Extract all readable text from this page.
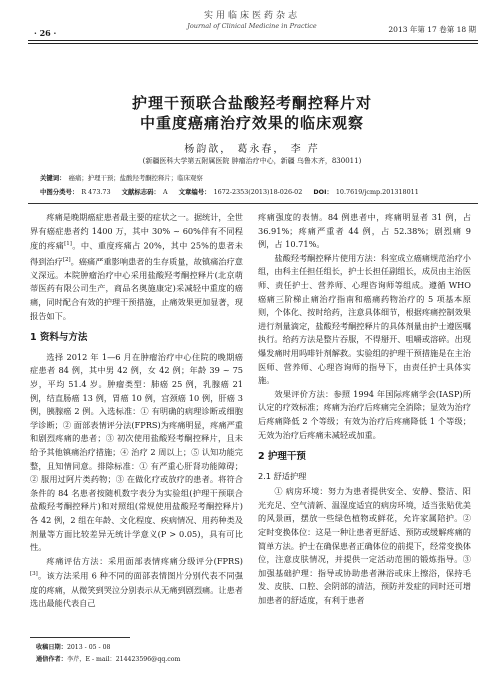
实用临床医药杂志
Journal of Clinical Medicine in Practice
· 26 ·	2013 年第 17 卷第 18 期
护理干预联合盐酸羟考酮控释片对
中重度癌痛治疗效果的临床观察
杨韵歆， 葛永春， 李 芹
(新疆医科大学第五附属医院 肿瘤治疗中心，新疆 乌鲁木齐，830011)
关键词： 癌痛；护理干预；盐酸羟考酮控释片；临床观察
中图分类号： R 473.73 文献标志码： A 文章编号： 1672-2353(2013)18-026-02 DOI： 10.7619/jcmp.201318011

疼痛是晚期癌症患者最主要的症状之一。据统计，全世界有癌症患者约 1400 万，其中 30% ~ 60%伴有不同程度的疼痛[1]。中、重度疼痛占 20%，其中 25%的患者未得到治疗[2]。癌痛严重影响患者的生存质量，故镇痛治疗意义深远。本院肿瘤治疗中心采用盐酸羟考酮控释片(北京萌蒂医药有限公司生产，商品名奥施康定)采减轻中重度的癌痛，同时配合有效的护理干预措施，止痛效果更加显著，现报告如下。

1 资料与方法

选择 2012 年 1—6 月在肿瘤治疗中心住院的晚期癌症患者 84 例，其中男 42 例，女 42 例；年龄 39 ~ 75 岁，平均 51.4 岁。肿瘤类型：肺癌 25 例，乳腺癌 21 例，结直肠癌 13 例，胃癌 10 例，宫颈癌 10 例，肝癌 3 例，胰腺癌 2 例。入选标准：① 有明确的病理诊断或细胞学诊断；② 面部表情评分法(FPRS)为疼痛明显，疼痛严重和剧烈疼痛的患者；③ 初次使用盐酸羟考酮控释片，且未给予其他镇痛治疗措施；④ 治疗 2 周以上；⑤ 认知功能完整，且知情同意。排除标准：① 有严重心肝肾功能障碍；② 服用过阿片类药物；③ 在做化疗或放疗的患者。将符合条件的 84 名患者按随机数字表分为实验组(护理干预联合盐酸羟考酮控释片)和对照组(常规使用盐酸羟考酮控释片)各 42 例，2 组在年龄、文化程度、疾病情况、用药种类及剂量等方面比较差异无统计学意义(P > 0.05)，具有可比性。

疼痛评估方法：采用面部表情疼痛分级评分(FPRS)[3]。该方法采用 6 种不同的面部表情图片分别代表不同强度的疼痛，从微笑到哭泣分别表示从无痛到剧烈痛。让患者选出最能代表自己

疼痛强度的表情。84 例患者中，疼痛明显者 31 例，占 36.91%；疼痛严重者 44 例，占 52.38%；剧烈痛 9 例，占 10.71%。

盐酸羟考酮控释片使用方法：科室成立癌痛规范治疗小组，由科主任担任组长，护士长担任副组长，成员由主治医师、责任护士、营养师、心理咨询师等组成。遵循 WHO 癌痛三阶梯止痛治疗指南和癌痛药物治疗的 5 项基本原则，个体化、按时给药，注意具体细节，根据疼痛控制效果进行剂量滴定，盐酸羟考酮控释片的具体剂量由护士遵医嘱执行。给药方法是整片吞服，不得掰开、咀嚼或溶碎。出现爆发痛时用吗啡针剂解救。实验组的护理干预措施是在主治医师、营养师、心理咨询师的指导下，由责任护士具体实施。

效果评价方法：参照 1994 年国际疼痛学会(IASP)所认定的疗效标准；疼痛为治疗后疼痛完全消除；显效为治疗后疼痛降低 2 个等级；有效为治疗后疼痛降低 1 个等级；无效为治疗后疼痛未减轻或加重。

2 护理干预
2.1 舒适护理

① 病房环境：努力为患者提供安全、安静、整洁、阳光充足、空气清新、温湿度适宜的病房环境，适当张贴优美的风景画，摆放一些绿色植物或鲜花，允许家属陪护。② 定时变换体位：这是一种让患者更舒适、预防或缓解疼痛的简单方法。护士在确保患者正确体位的前提下，经常变换体位，注意皮肤情况，并提供一定活动范围的锻炼指导。③ 加强基础护理：指导或协助患者淋浴或床上擦浴，保持毛发、皮肤、口腔、会阴部的清洁，预防并发症的同时还可增加患者的舒适度，有利于患者

收稿日期：2013 - 05 - 08
通信作者：李芹，E - mail：214423596@qq.com
